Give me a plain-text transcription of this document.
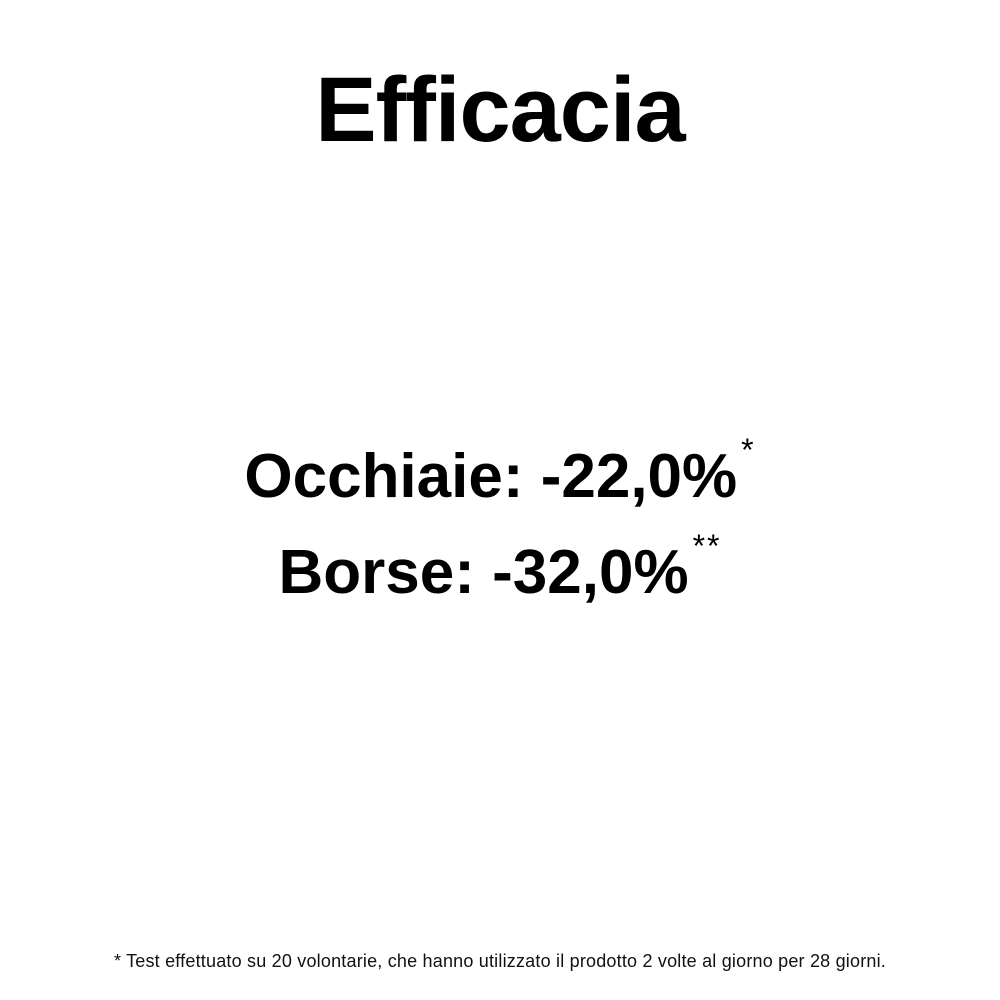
Efficacia

Occhiaie: -22,0% *

Borse: -32,0% **

* Test effettuato su 20 volontarie, che hanno utilizzato il prodotto 2 volte al giorno per 28 giorni.
